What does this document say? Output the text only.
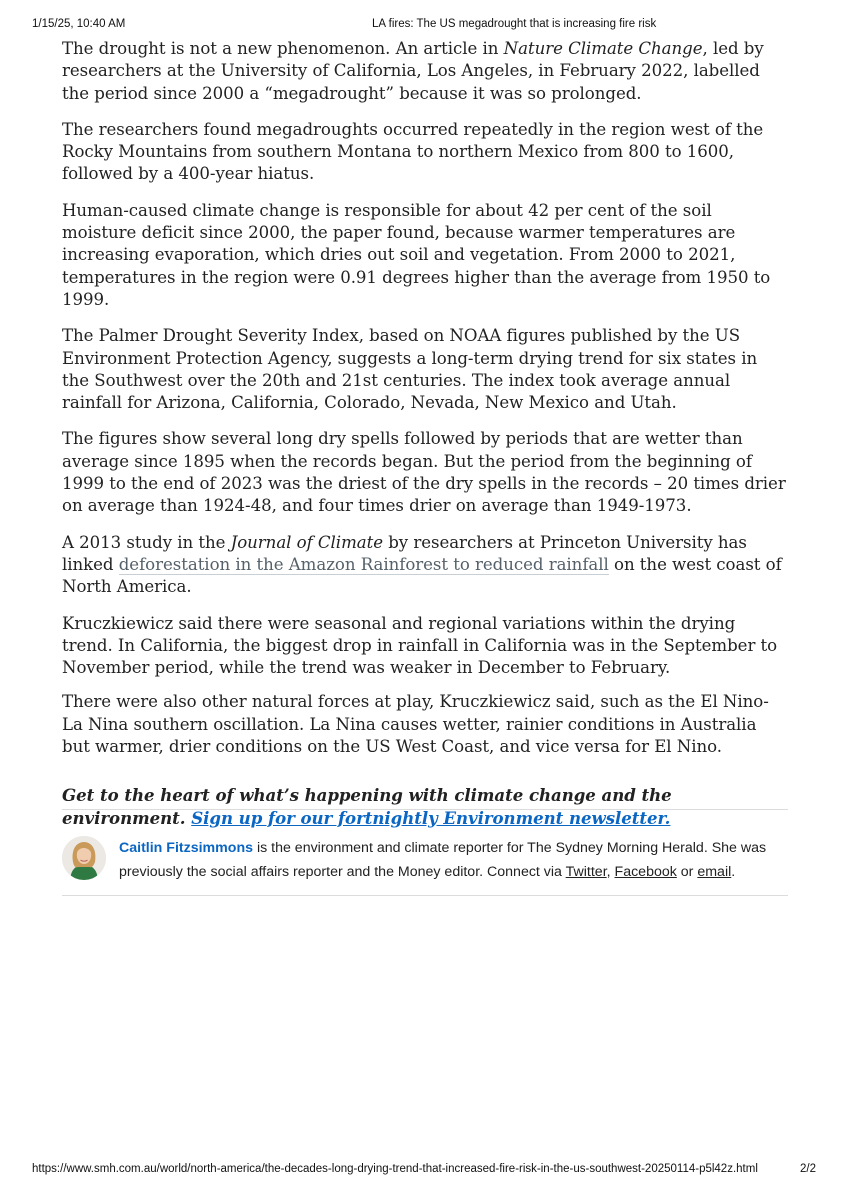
1/15/25, 10:40 AM	LA fires: The US megadrought that is increasing fire risk

The drought is not a new phenomenon. An article in Nature Climate Change, led by researchers at the University of California, Los Angeles, in February 2022, labelled the period since 2000 a “megadrought” because it was so prolonged.

The researchers found megadroughts occurred repeatedly in the region west of the Rocky Mountains from southern Montana to northern Mexico from 800 to 1600, followed by a 400-year hiatus.

Human-caused climate change is responsible for about 42 per cent of the soil moisture deficit since 2000, the paper found, because warmer temperatures are increasing evaporation, which dries out soil and vegetation. From 2000 to 2021, temperatures in the region were 0.91 degrees higher than the average from 1950 to 1999.

The Palmer Drought Severity Index, based on NOAA figures published by the US Environment Protection Agency, suggests a long-term drying trend for six states in the Southwest over the 20th and 21st centuries. The index took average annual rainfall for Arizona, California, Colorado, Nevada, New Mexico and Utah.

The figures show several long dry spells followed by periods that are wetter than average since 1895 when the records began. But the period from the beginning of 1999 to the end of 2023 was the driest of the dry spells in the records – 20 times drier on average than 1924-48, and four times drier on average than 1949-1973.

A 2013 study in the Journal of Climate by researchers at Princeton University has linked deforestation in the Amazon Rainforest to reduced rainfall on the west coast of North America.

Kruczkiewicz said there were seasonal and regional variations within the drying trend. In California, the biggest drop in rainfall in California was in the September to November period, while the trend was weaker in December to February.

There were also other natural forces at play, Kruczkiewicz said, such as the El Nino-La Nina southern oscillation. La Nina causes wetter, rainier conditions in Australia but warmer, drier conditions on the US West Coast, and vice versa for El Nino.

Get to the heart of what’s happening with climate change and the environment. Sign up for our fortnightly Environment newsletter.

Caitlin Fitzsimmons is the environment and climate reporter for The Sydney Morning Herald. She was previously the social affairs reporter and the Money editor. Connect via Twitter, Facebook or email.
https://www.smh.com.au/world/north-america/the-decades-long-drying-trend-that-increased-fire-risk-in-the-us-southwest-20250114-p5l42z.html	2/2
